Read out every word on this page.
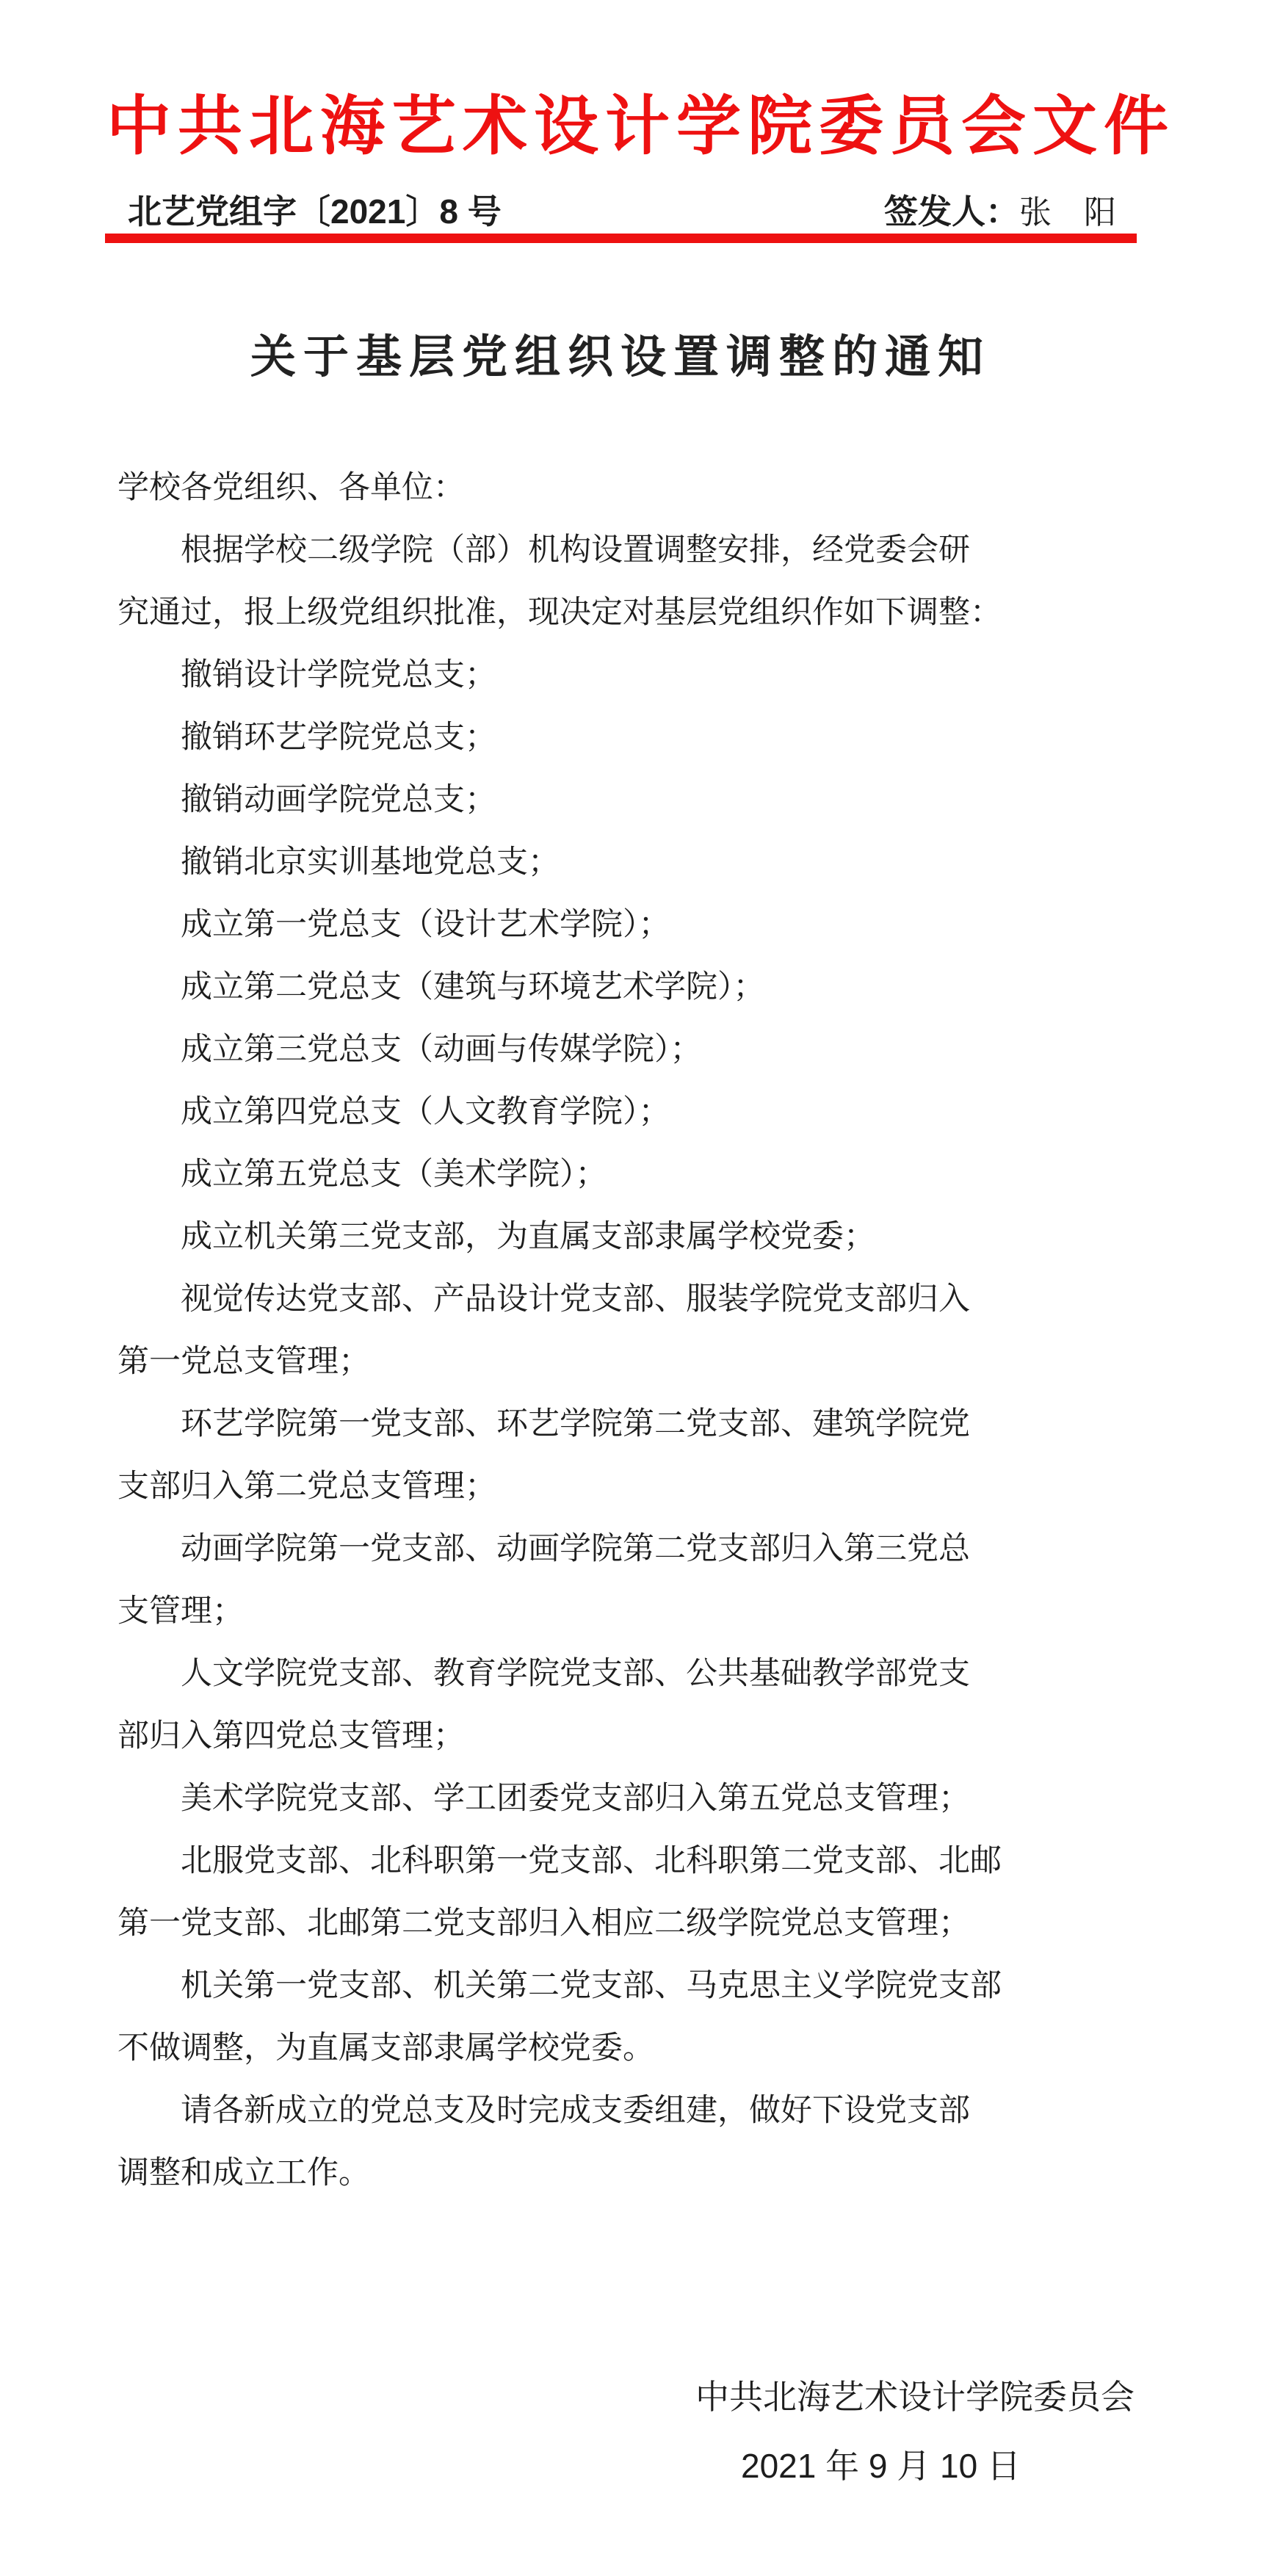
中共北海艺术设计学院委员会文件
北艺党组字〔2021〕8 号	签发人：张　阳
关于基层党组织设置调整的通知
学校各党组织、各单位：
根据学校二级学院（部）机构设置调整安排，经党委会研
究通过，报上级党组织批准，现决定对基层党组织作如下调整：
撤销设计学院党总支；
撤销环艺学院党总支；
撤销动画学院党总支；
撤销北京实训基地党总支；
成立第一党总支（设计艺术学院）；
成立第二党总支（建筑与环境艺术学院）；
成立第三党总支（动画与传媒学院）；
成立第四党总支（人文教育学院）；
成立第五党总支（美术学院）；
成立机关第三党支部，为直属支部隶属学校党委；
视觉传达党支部、产品设计党支部、服装学院党支部归入
第一党总支管理；
环艺学院第一党支部、环艺学院第二党支部、建筑学院党
支部归入第二党总支管理；
动画学院第一党支部、动画学院第二党支部归入第三党总
支管理；
人文学院党支部、教育学院党支部、公共基础教学部党支
部归入第四党总支管理；
美术学院党支部、学工团委党支部归入第五党总支管理；
北服党支部、北科职第一党支部、北科职第二党支部、北邮
第一党支部、北邮第二党支部归入相应二级学院党总支管理；
机关第一党支部、机关第二党支部、马克思主义学院党支部
不做调整，为直属支部隶属学校党委。
请各新成立的党总支及时完成支委组建，做好下设党支部
调整和成立工作。
中共北海艺术设计学院委员会
2021 年 9 月 10 日
